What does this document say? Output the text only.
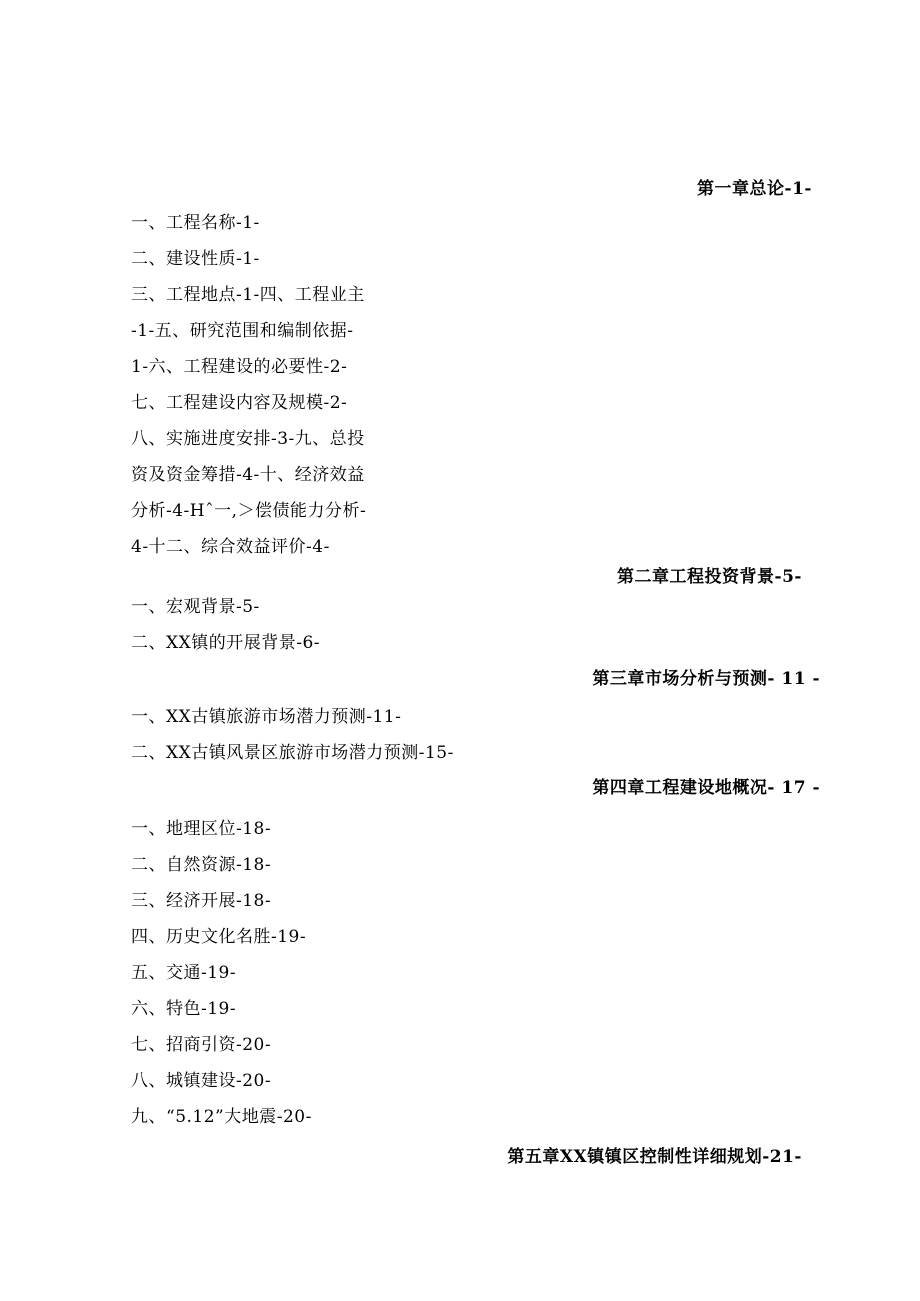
第一章总论-1-
一、工程名称-1-
二、建设性质-1-
三、工程地点-1-四、工程业主
-1-五、研究范围和编制依据-
1-六、工程建设的必要性-2-
七、工程建设内容及规模-2-
八、实施进度安排-3-九、总投
资及资金筹措-4-十、经济效益
分析-4-Hˆ一,＞偿债能力分析-
4-十二、综合效益评价-4-
第二章工程投资背景-5-
一、宏观背景-5-
二、XX镇的开展背景-6-
第三章市场分析与预测- 11 -
一、XX古镇旅游市场潜力预测-11-
二、XX古镇风景区旅游市场潜力预测-15-
第四章工程建设地概况- 17 -
一、地理区位-18-
二、自然资源-18-
三、经济开展-18-
四、历史文化名胜-19-
五、交通-19-
六、特色-19-
七、招商引资-20-
八、城镇建设-20-
九、“5.12”大地震-20-
第五章XX镇镇区控制性详细规划-21-
